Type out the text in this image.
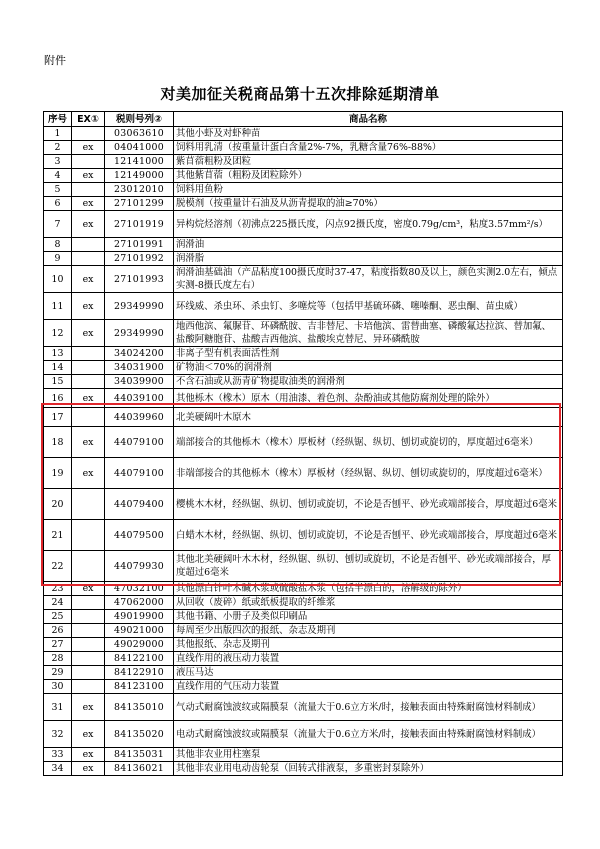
附件
对美加征关税商品第十五次排除延期清单
序号	EX①	税则号列②	商品名称
1		03063610	其他小虾及对虾种苗
2	ex	04041000	饲料用乳清（按重量计蛋白含量2%-7%，乳糖含量76%-88%）
3		12141000	紫苜蓿粗粉及团粒
4	ex	12149000	其他紫苜蓿（粗粉及团粒除外）
5		23012010	饲料用鱼粉
6	ex	27101299	脱模剂（按重量计石油及从沥青提取的油≥70%）
7	ex	27101919	异构烷烃溶剂（初沸点225摄氏度，闪点92摄氏度，密度0.79g/cm³，粘度3.57mm²/s）
8		27101991	润滑油
9		27101992	润滑脂
10	ex	27101993	润滑油基础油（产品粘度100摄氏度时37-47，粘度指数80及以上，颜色实测2.0左右，倾点实测-8摄氏度左右）
11	ex	29349990	环线威、杀虫环、杀虫钉、多噻烷等（包括甲基硫环磷、噻嗪酮、恶虫酮、苗虫威）
12	ex	29349990	地西他滨、氟脲苷、环磷酰胺、吉非替尼、卡培他滨、雷替曲塞、磷酸氟达拉滨、替加氟、盐酸阿糖胞苷、盐酸吉西他滨、盐酸埃克替尼、异环磷酰胺
13		34024200	非离子型有机表面活性剂
14		34031900	矿物油＜70%的润滑剂
15		34039900	不含石油或从沥青矿物提取油类的润滑剂
16	ex	44039100	其他栎木（橡木）原木（用油漆、着色剂、杂酚油或其他防腐剂处理的除外）
17		44039960	北美硬阔叶木原木
18	ex	44079100	端部接合的其他栎木（橡木）厚板材（经纵锯、纵切、刨切或旋切的，厚度超过6毫米）
19	ex	44079100	非端部接合的其他栎木（橡木）厚板材（经纵锯、纵切、刨切或旋切的，厚度超过6毫米）
20		44079400	樱桃木木材，经纵锯、纵切、刨切或旋切，不论是否刨平、砂光或端部接合，厚度超过6毫米
21		44079500	白蜡木木材，经纵锯、纵切、刨切或旋切，不论是否刨平、砂光或端部接合，厚度超过6毫米
22		44079930	其他北美硬阔叶木木材，经纵锯、纵切、刨切或旋切，不论是否刨平、砂光或端部接合，厚度超过6毫米
23	ex	47032100	其他漂白针叶木碱木浆或硫酸盐木浆（包括半漂白的，溶解级的除外）
24		47062000	从回收（废碎）纸或纸板提取的纤维浆
25		49019900	其他书籍、小册子及类似印刷品
26		49021000	每周至少出版四次的报纸、杂志及期刊
27		49029000	其他报纸、杂志及期刊
28		84122100	直线作用的液压动力装置
29		84122910	液压马达
30		84123100	直线作用的气压动力装置
31	ex	84135010	气动式耐腐蚀波纹或隔膜泵（流量大于0.6立方米/时，接触表面由特殊耐腐蚀材料制成）
32	ex	84135020	电动式耐腐蚀波纹或隔膜泵（流量大于0.6立方米/时，接触表面由特殊耐腐蚀材料制成）
33	ex	84135031	其他非农业用柱塞泵
34	ex	84136021	其他非农业用电动齿轮泵（回转式排液泵，多重密封泵除外）
